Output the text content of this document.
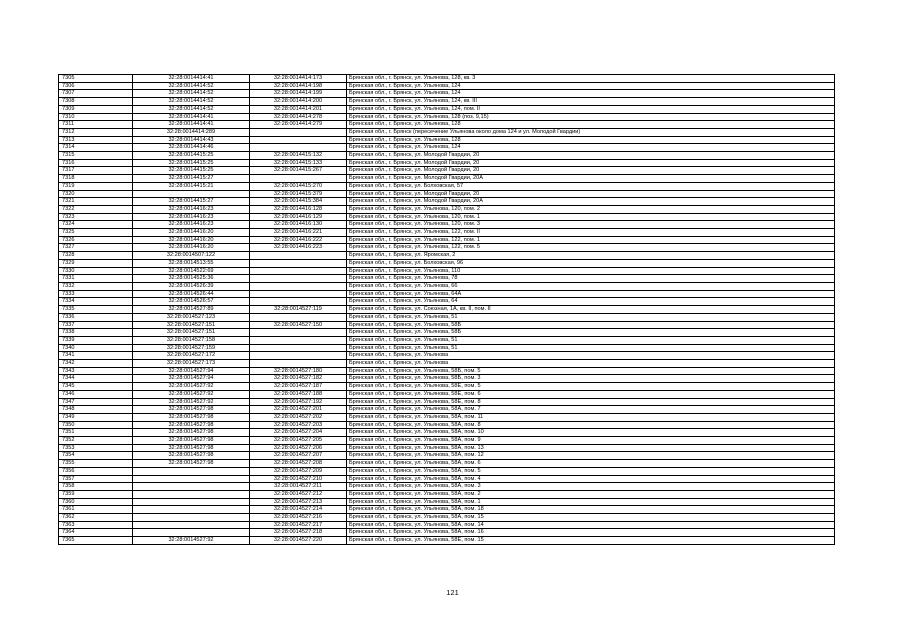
7305	32:28:0014414:41	32:28:0014414:173	Брянская обл., г. Брянск, ул. Ульянова, 128, кв. 3
7306	32:28:0014414:52	32:28:0014414:198	Брянская обл., г. Брянск, ул. Ульянова, 124
7307	32:28:0014414:52	32:28:0014414:199	Брянская обл., г. Брянск, ул. Ульянова, 124
7308	32:28:0014414:52	32:28:0014414:200	Брянская обл., г. Брянск, ул. Ульянова, 124, кв. III
7309	32:28:0014414:52	32:28:0014414:201	Брянская обл., г. Брянск, ул. Ульянова, 124, пом. II
7310	32:28:0014414:41	32:28:0014414:278	Брянская обл., г. Брянск, ул. Ульянова, 128 (поз. 9,15)
7311	32:28:0014414:41	32:28:0014414:279	Брянская обл., г. Брянск, ул. Ульянова, 128
7312	32:28:0014414:289		Брянская обл., г. Брянск (пересечение Ульянова около дома 124 и ул. Молодой Гвардии)
7313	32:28:0014414:43		Брянская обл., г. Брянск, ул. Ульянова, 128
7314	32:28:0014414:46		Брянская обл., г. Брянск, ул. Ульянова, 124
7315	32:28:0014415:25	32:28:0014415:132	Брянская обл., г. Брянск, ул. Молодой Гвардии, 20
7316	32:28:0014415:25	32:28:0014415:133	Брянская обл., г. Брянск, ул. Молодой Гвардии, 20
7317	32:28:0014415:25	32:28:0014415:267	Брянская обл., г. Брянск, ул. Молодой Гвардии, 20
7318	32:28:0014415:27		Брянская обл., г. Брянск, ул. Молодой Гвардии, 20А
7319	32:28:0014415:21	32:28:0014415:270	Брянская обл., г. Брянск, ул. Болховская, 57
7320		32:28:0014415:379	Брянская обл., г. Брянск, ул. Молодой Гвардии, 20
7321	32:28:0014415:27	32:28:0014415:384	Брянская обл., г. Брянск, ул. Молодой Гвардии, 20А
7322	32:28:0014416:23	32:28:0014416:128	Брянская обл., г. Брянск, ул. Ульянова, 120, пом. 2
7323	32:28:0014416:23	32:28:0014416:129	Брянская обл., г. Брянск, ул. Ульянова, 120, пом. 1
7324	32:28:0014416:23	32:28:0014416:130	Брянская обл., г. Брянск, ул. Ульянова, 120, пом. 3
7325	32:28:0014416:20	32:28:0014416:221	Брянская обл., г. Брянск, ул. Ульянова, 122, пом. II
7326	32:28:0014416:20	32:28:0014416:222	Брянская обл., г. Брянск, ул. Ульянова, 122, пом. 1
7327	32:28:0014416:20	32:28:0014416:223	Брянская обл., г. Брянск, ул. Ульянова, 122, пом. 5
7328	32:28:0014507:122		Брянская обл., г. Брянск, ул. Яромская, 2
7329	32:28:0014513:55		Брянская обл., г. Брянск, ул. Болховская, 96
7330	32:28:0014522:69		Брянская обл., г. Брянск, ул. Ульянова, 110
7331	32:28:0014525:36		Брянская обл., г. Брянск, ул. Ульянова, 78
7332	32:28:0014526:39		Брянская обл., г. Брянск, ул. Ульянова, 66
7333	32:28:0014526:44		Брянская обл., г. Брянск, ул. Ульянова, 64А
7334	32:28:0014526:57		Брянская обл., г. Брянск, ул. Ульянова, 64
7335	32:28:0014527:89	32:28:0014527:119	Брянская обл., г. Брянск, ул. Союзная, 1А, кв. II, пом. II
7336	32:28:0014527:123		Брянская обл., г. Брянск, ул. Ульянова, 51
7337	32:28:0014527:151	32:28:0014527:150	Брянская обл., г. Брянск, ул. Ульянова, 58Б
7338	32:28:0014527:151		Брянская обл., г. Брянск, ул. Ульянова, 58Б
7339	32:28:0014527:158		Брянская обл., г. Брянск, ул. Ульянова, 51
7340	32:28:0014527:159		Брянская обл., г. Брянск, ул. Ульянова, 51
7341	32:28:0014527:172		Брянская обл., г. Брянск, ул. Ульянова
7342	32:28:0014527:173		Брянская обл., г. Брянск, ул. Ульянова
7343	32:28:0014527:94	32:28:0014527:180	Брянская обл., г. Брянск, ул. Ульянова, 58Б, пом. 5
7344	32:28:0014527:94	32:28:0014527:182	Брянская обл., г. Брянск, ул. Ульянова, 58Б, пом. 3
7345	32:28:0014527:92	32:28:0014527:187	Брянская обл., г. Брянск, ул. Ульянова, 58Е, пом. 5
7346	32:28:0014527:92	32:28:0014527:188	Брянская обл., г. Брянск, ул. Ульянова, 58Е, пом. 6
7347	32:28:0014527:92	32:28:0014527:192	Брянская обл., г. Брянск, ул. Ульянова, 58Е, пом. 8
7348	32:28:0014527:98	32:28:0014527:201	Брянская обл., г. Брянск, ул. Ульянова, 58А, пом. 7
7349	32:28:0014527:98	32:28:0014527:202	Брянская обл., г. Брянск, ул. Ульянова, 58А, пом. 11
7350	32:28:0014527:98	32:28:0014527:203	Брянская обл., г. Брянск, ул. Ульянова, 58А, пом. 8
7351	32:28:0014527:98	32:28:0014527:204	Брянская обл., г. Брянск, ул. Ульянова, 58А, пом. 10
7352	32:28:0014527:98	32:28:0014527:205	Брянская обл., г. Брянск, ул. Ульянова, 58А, пом. 9
7353	32:28:0014527:98	32:28:0014527:206	Брянская обл., г. Брянск, ул. Ульянова, 58А, пом. 13
7354	32:28:0014527:98	32:28:0014527:207	Брянская обл., г. Брянск, ул. Ульянова, 58А, пом. 12
7355	32:28:0014527:98	32:28:0014527:208	Брянская обл., г. Брянск, ул. Ульянова, 58А, пом. 6
7356		32:28:0014527:209	Брянская обл., г. Брянск, ул. Ульянова, 58А, пом. 5
7357		32:28:0014527:210	Брянская обл., г. Брянск, ул. Ульянова, 58А, пом. 4
7358		32:28:0014527:211	Брянская обл., г. Брянск, ул. Ульянова, 58А, пом. 3
7359		32:28:0014527:212	Брянская обл., г. Брянск, ул. Ульянова, 58А, пом. 2
7360		32:28:0014527:213	Брянская обл., г. Брянск, ул. Ульянова, 58А, пом. 1
7361		32:28:0014527:214	Брянская обл., г. Брянск, ул. Ульянова, 58А, пом. 18
7362		32:28:0014527:216	Брянская обл., г. Брянск, ул. Ульянова, 58А, пом. 15
7363		32:28:0014527:217	Брянская обл., г. Брянск, ул. Ульянова, 58А, пом. 14
7364		32:28:0014527:218	Брянская обл., г. Брянск, ул. Ульянова, 58А, пом. 16
7365	32:28:0014527:92	32:28:0014527:220	Брянская обл., г. Брянск, ул. Ульянова, 58Е, пом. 15
121
